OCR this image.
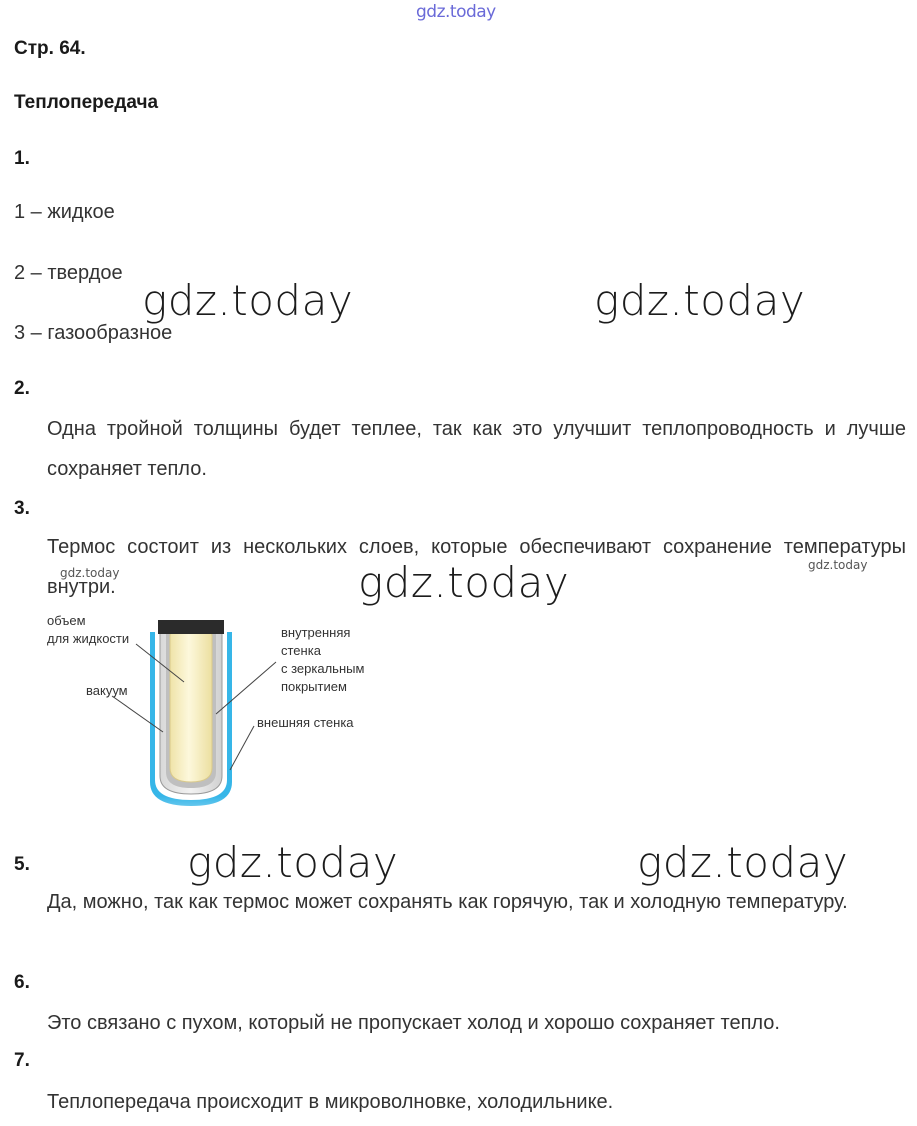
gdz.today
Стр. 64.
Теплопередача
1.
1 – жидкое
2 – твердое
3 – газообразное
gdz.today	gdz.today
2.
Одна тройной толщины будет теплее, так как это улучшит теплопроводность и лучше сохраняет тепло.
3.
Термос состоит из нескольких слоев, которые обеспечивают сохранение температуры внутри.
gdz.today	gdz.today	gdz.today
объем
для жидкости
вакуум
внутренняя
стенка
с зеркальным
покрытием
внешняя стенка
5.	gdz.today	gdz.today
Да, можно, так как термос может сохранять как горячую, так и холодную температуру.
6.
Это связано с пухом, который не пропускает холод и хорошо сохраняет тепло.
7.
Теплопередача происходит в микроволновке, холодильнике.
